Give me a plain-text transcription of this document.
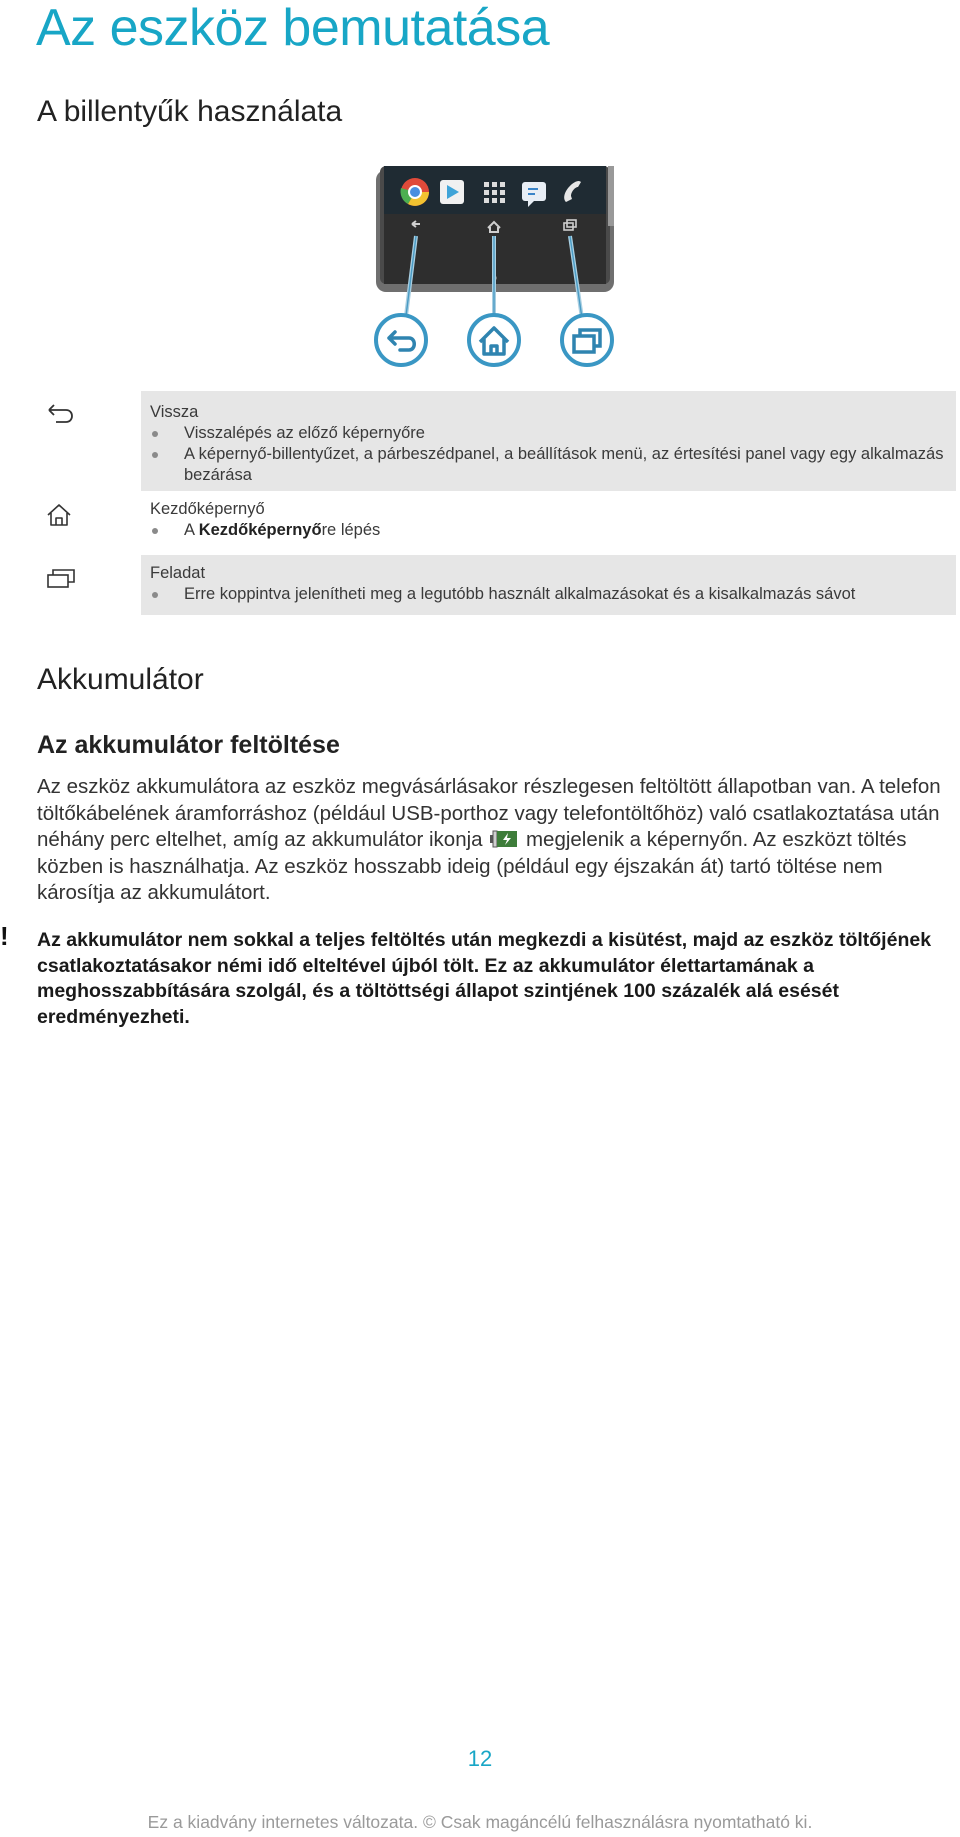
Az eszköz bemutatása
A billentyűk használata
Vissza
Visszalépés az előző képernyőre
A képernyő-billentyűzet, a párbeszédpanel, a beállítások menü, az értesítési panel vagy egy alkalmazás bezárása
Kezdőképernyő
A Kezdőképernyőre lépés
Feladat
Erre koppintva jelenítheti meg a legutóbb használt alkalmazásokat és a kisalkalmazás sávot
Akkumulátor
Az akkumulátor feltöltése

Az eszköz akkumulátora az eszköz megvásárlásakor részlegesen feltöltött állapotban van. A telefon töltőkábelének áramforráshoz (például USB-porthoz vagy telefontöltőhöz) való csatlakoztatása után néhány perc eltelhet, amíg az akkumulátor ikonja megjelenik a képernyőn. Az eszközt töltés közben is használhatja. Az eszköz hosszabb ideig (például egy éjszakán át) tartó töltése nem károsítja az akkumulátort.

! Az akkumulátor nem sokkal a teljes feltöltés után megkezdi a kisütést, majd az eszköz töltőjének csatlakoztatásakor némi idő elteltével újból tölt. Ez az akkumulátor élettartamának a meghosszabbítására szolgál, és a töltöttségi állapot szintjének 100 százalék alá esését eredményezheti.

12
Ez a kiadvány internetes változata. © Csak magáncélú felhasználásra nyomtatható ki.
